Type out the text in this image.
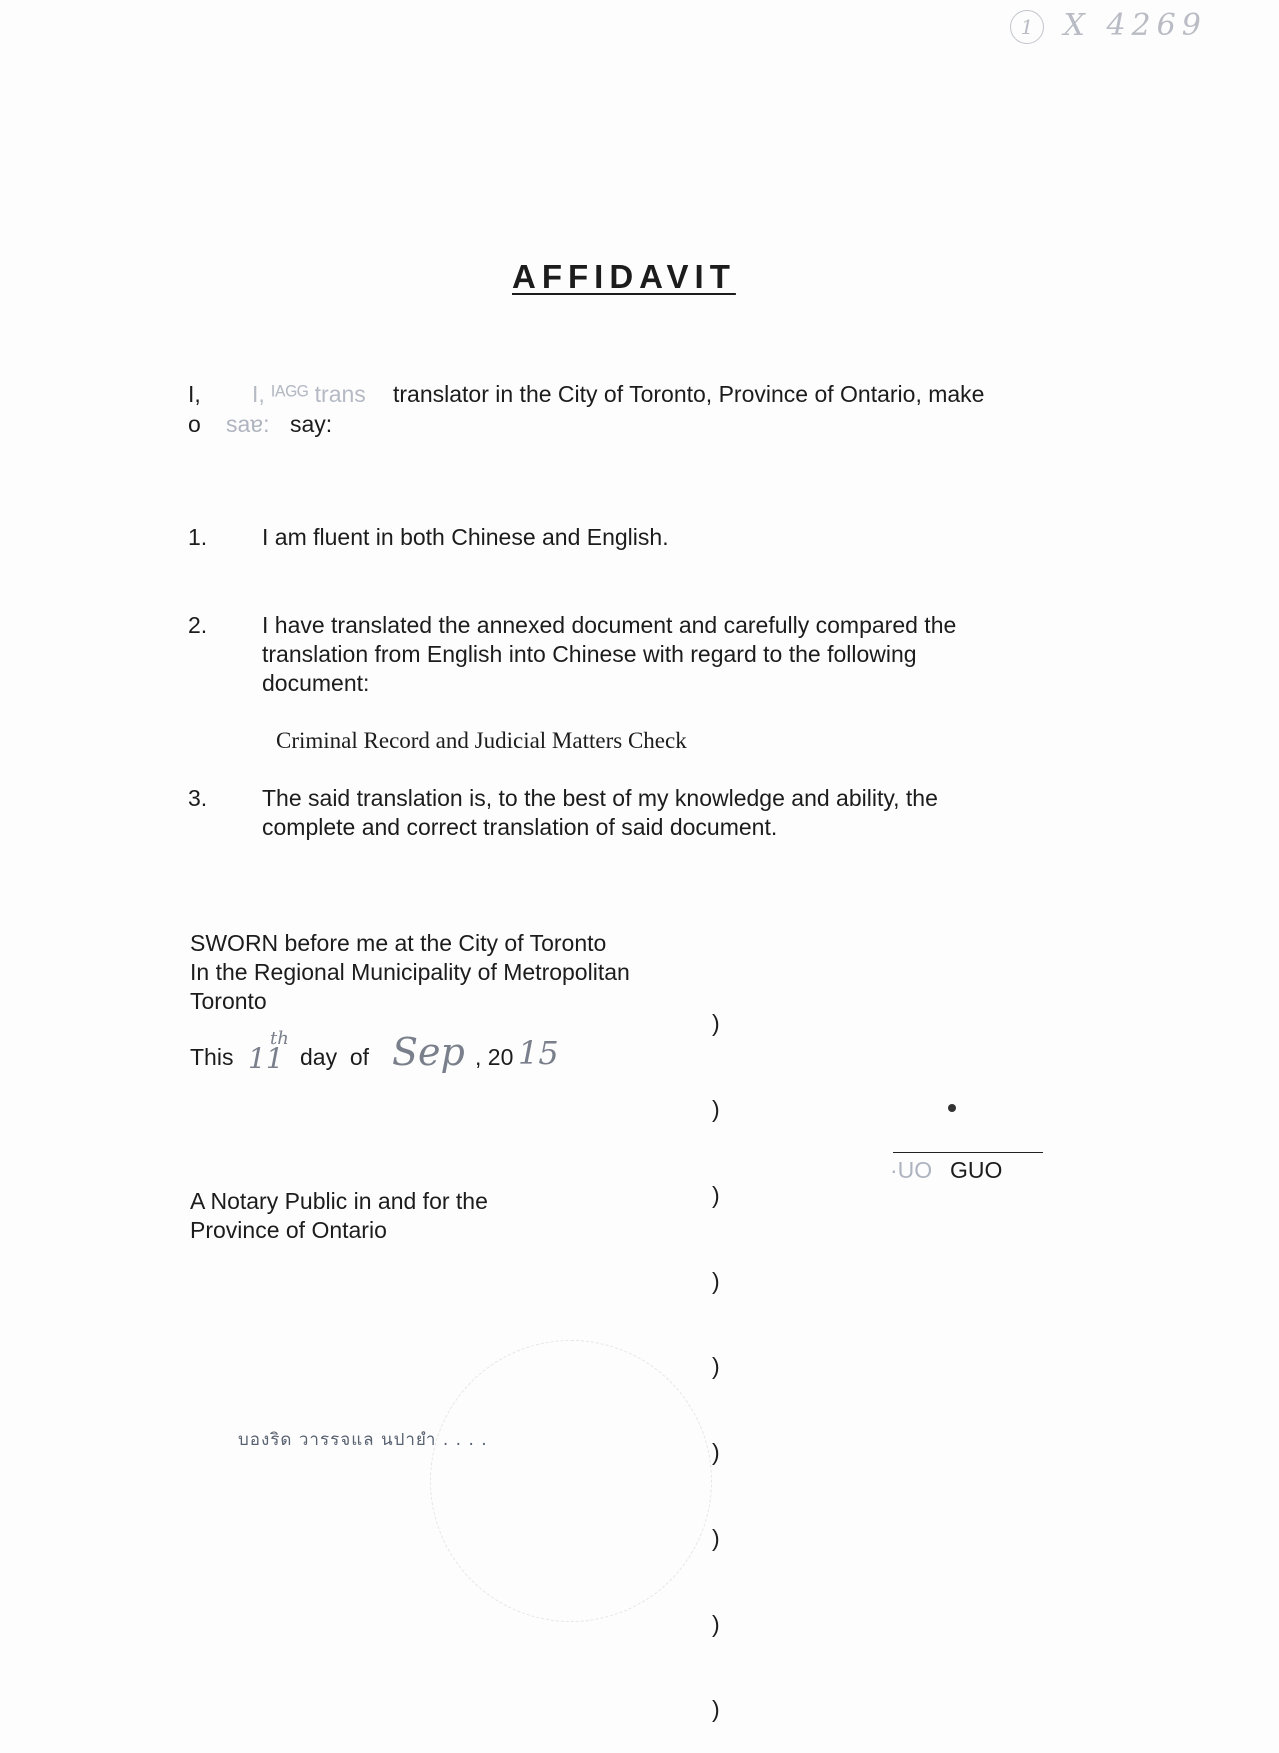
1 X 4269
AFFIDAVIT
I, I, ᴵᴬᴳᴳ trans translator in the City of Toronto, Province of Ontario, make
o saɐ: say:
1. I am fluent in both Chinese and English.
2. I have translated the annexed document and carefully compared the
translation from English into Chinese with regard to the following
document:
Criminal Record and Judicial Matters Check
3. The said translation is, to the best of my knowledge and ability, the
complete and correct translation of said document.
SWORN before me at the City of Toronto
In the Regional Municipality of Metropolitan
Toronto
This 11
th
day  of Sep , 20 15

)

)

)

)

)

)

)

)

)

A Notary Public in and for the
Province of Ontario
·UO GUO
บองริด วารรจแล นปายำ . . . .
